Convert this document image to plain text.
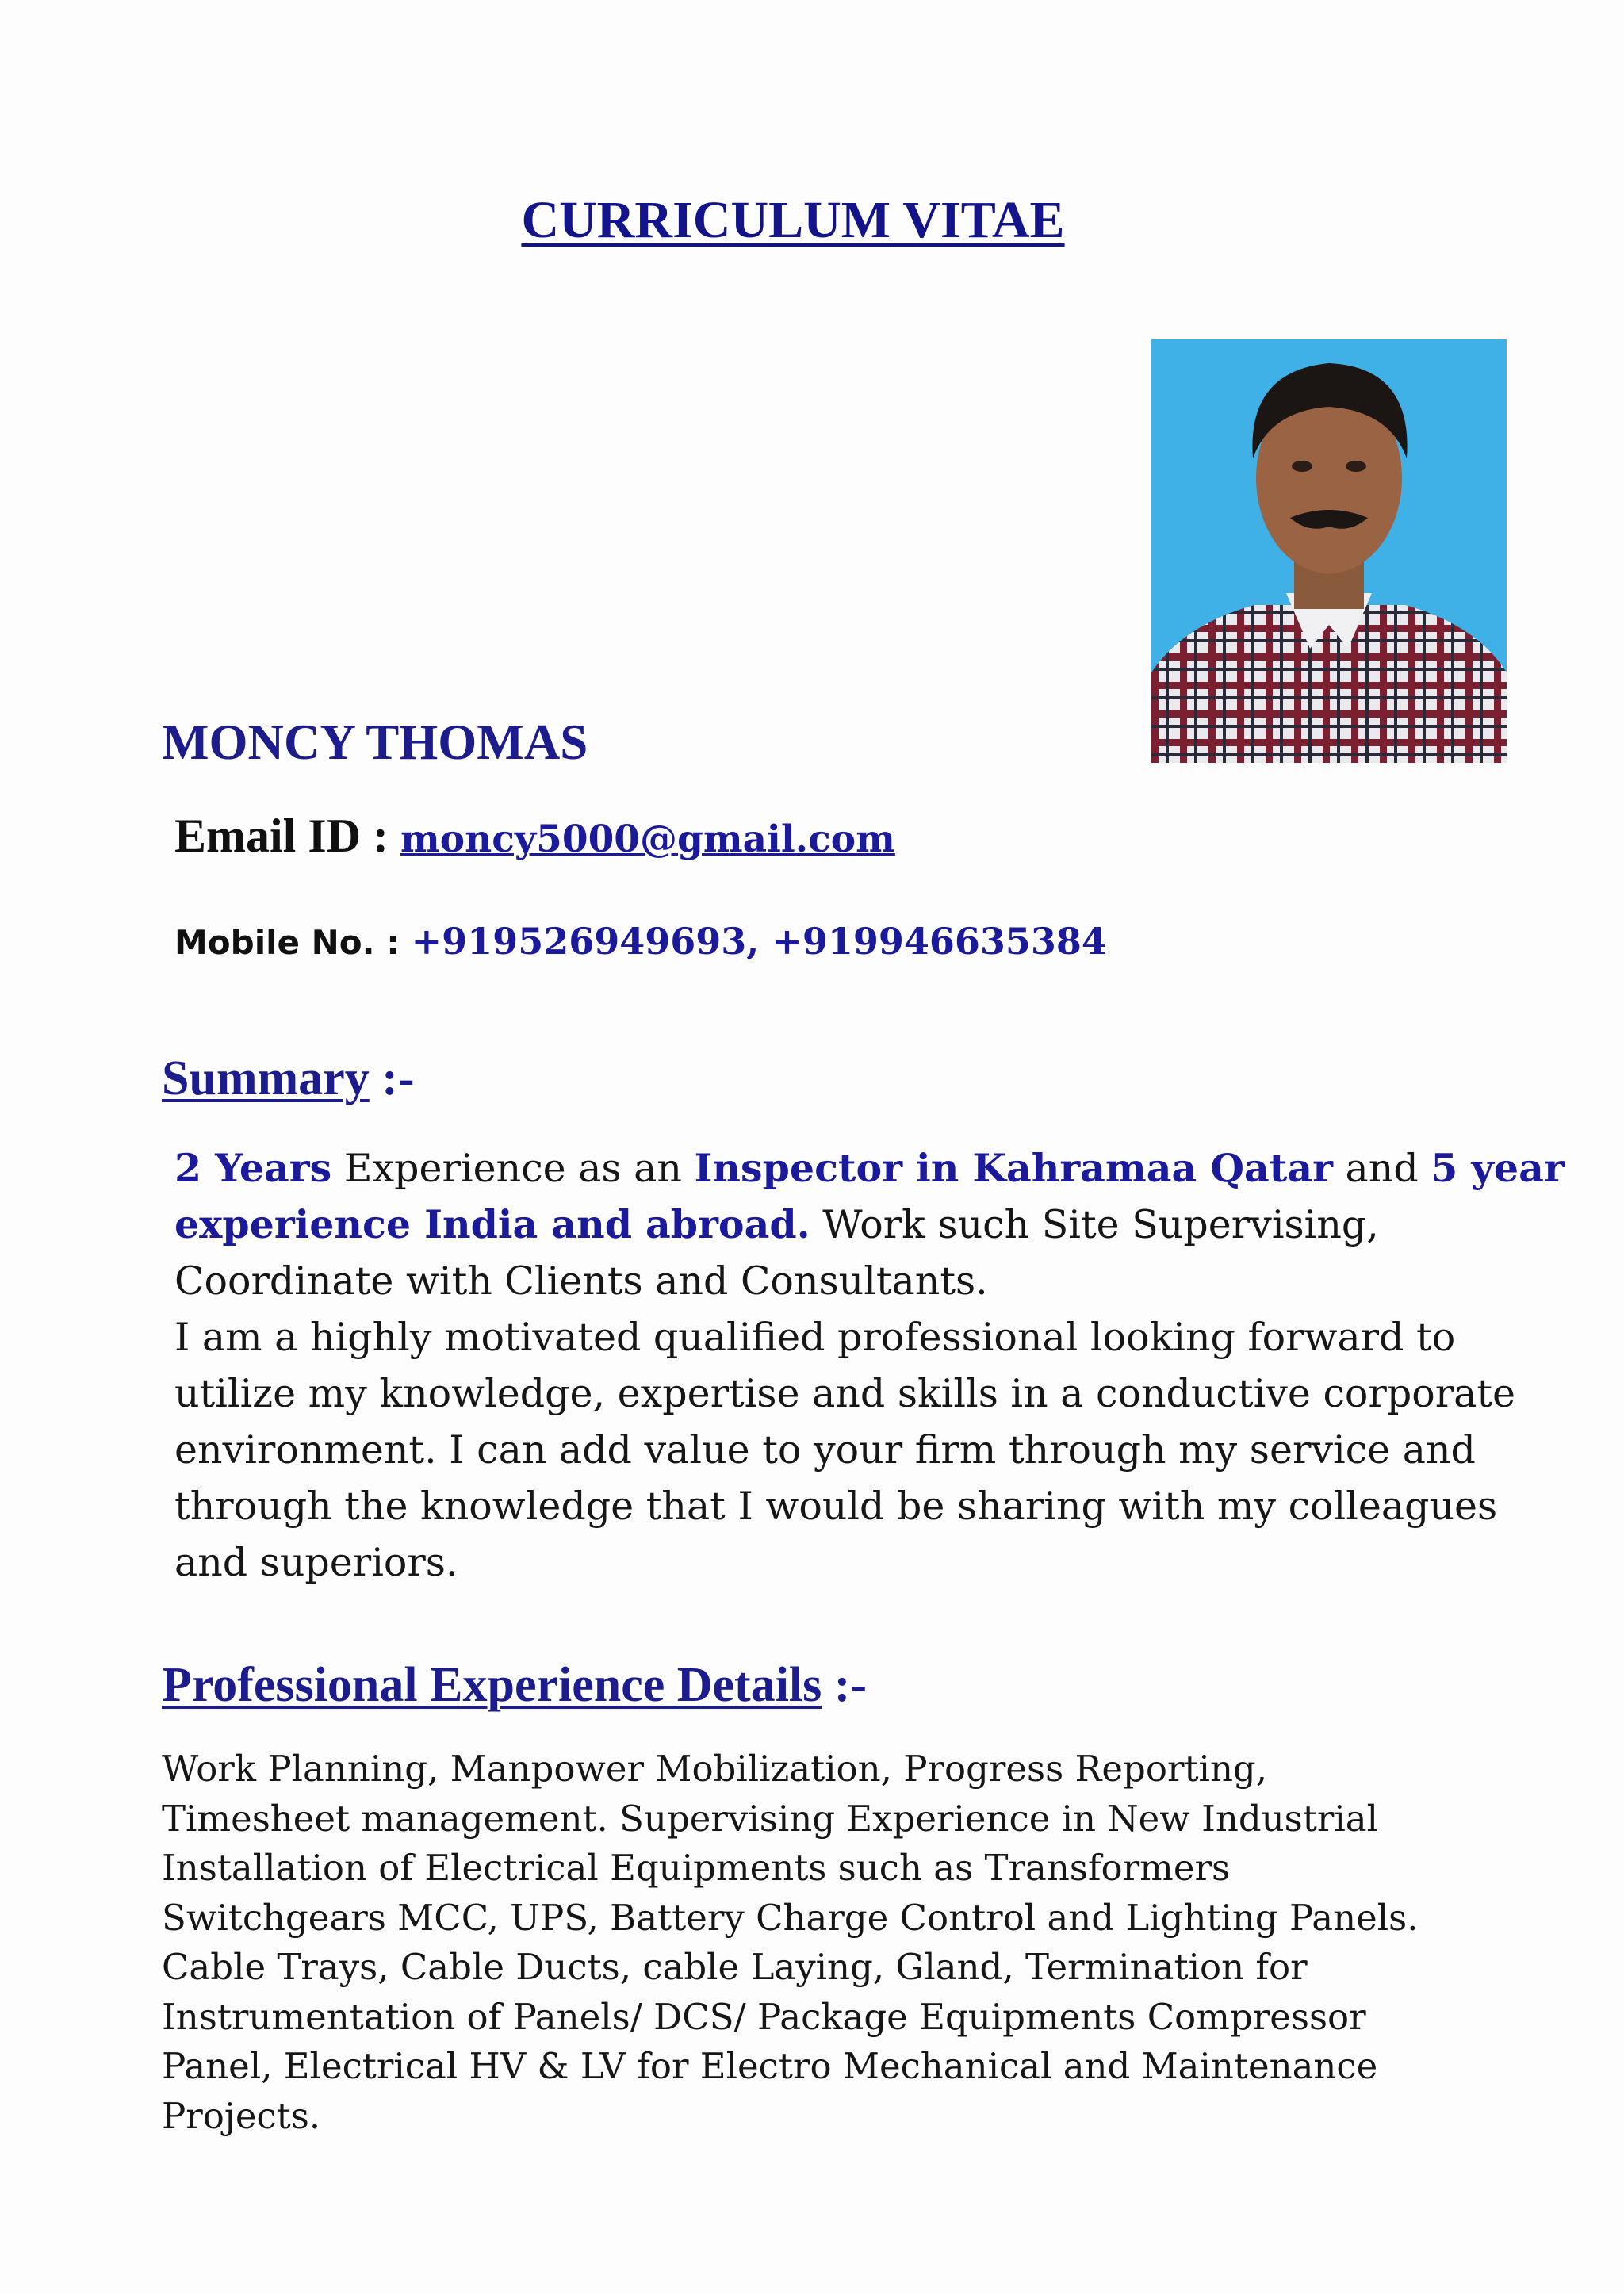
CURRICULUM VITAE
MONCY THOMAS
Email ID : moncy5000@gmail.com
Mobile No. : +919526949693, +919946635384
Summary :-
2 Years Experience as an Inspector in Kahramaa Qatar and 5 year experience India and abroad. Work such Site Supervising, Coordinate with Clients and Consultants.
I am a highly motivated qualified professional looking forward to utilize my knowledge, expertise and skills in a conductive corporate environment. I can add value to your firm through my service and through the knowledge that I would be sharing with my colleagues and superiors.
Professional Experience Details :-
Work Planning, Manpower Mobilization, Progress Reporting, Timesheet management. Supervising Experience in New Industrial Installation of Electrical Equipments such as Transformers Switchgears MCC, UPS, Battery Charge Control and Lighting Panels. Cable Trays, Cable Ducts, cable Laying, Gland, Termination for Instrumentation of Panels/ DCS/ Package Equipments Compressor Panel, Electrical HV & LV for Electro Mechanical and Maintenance Projects.
